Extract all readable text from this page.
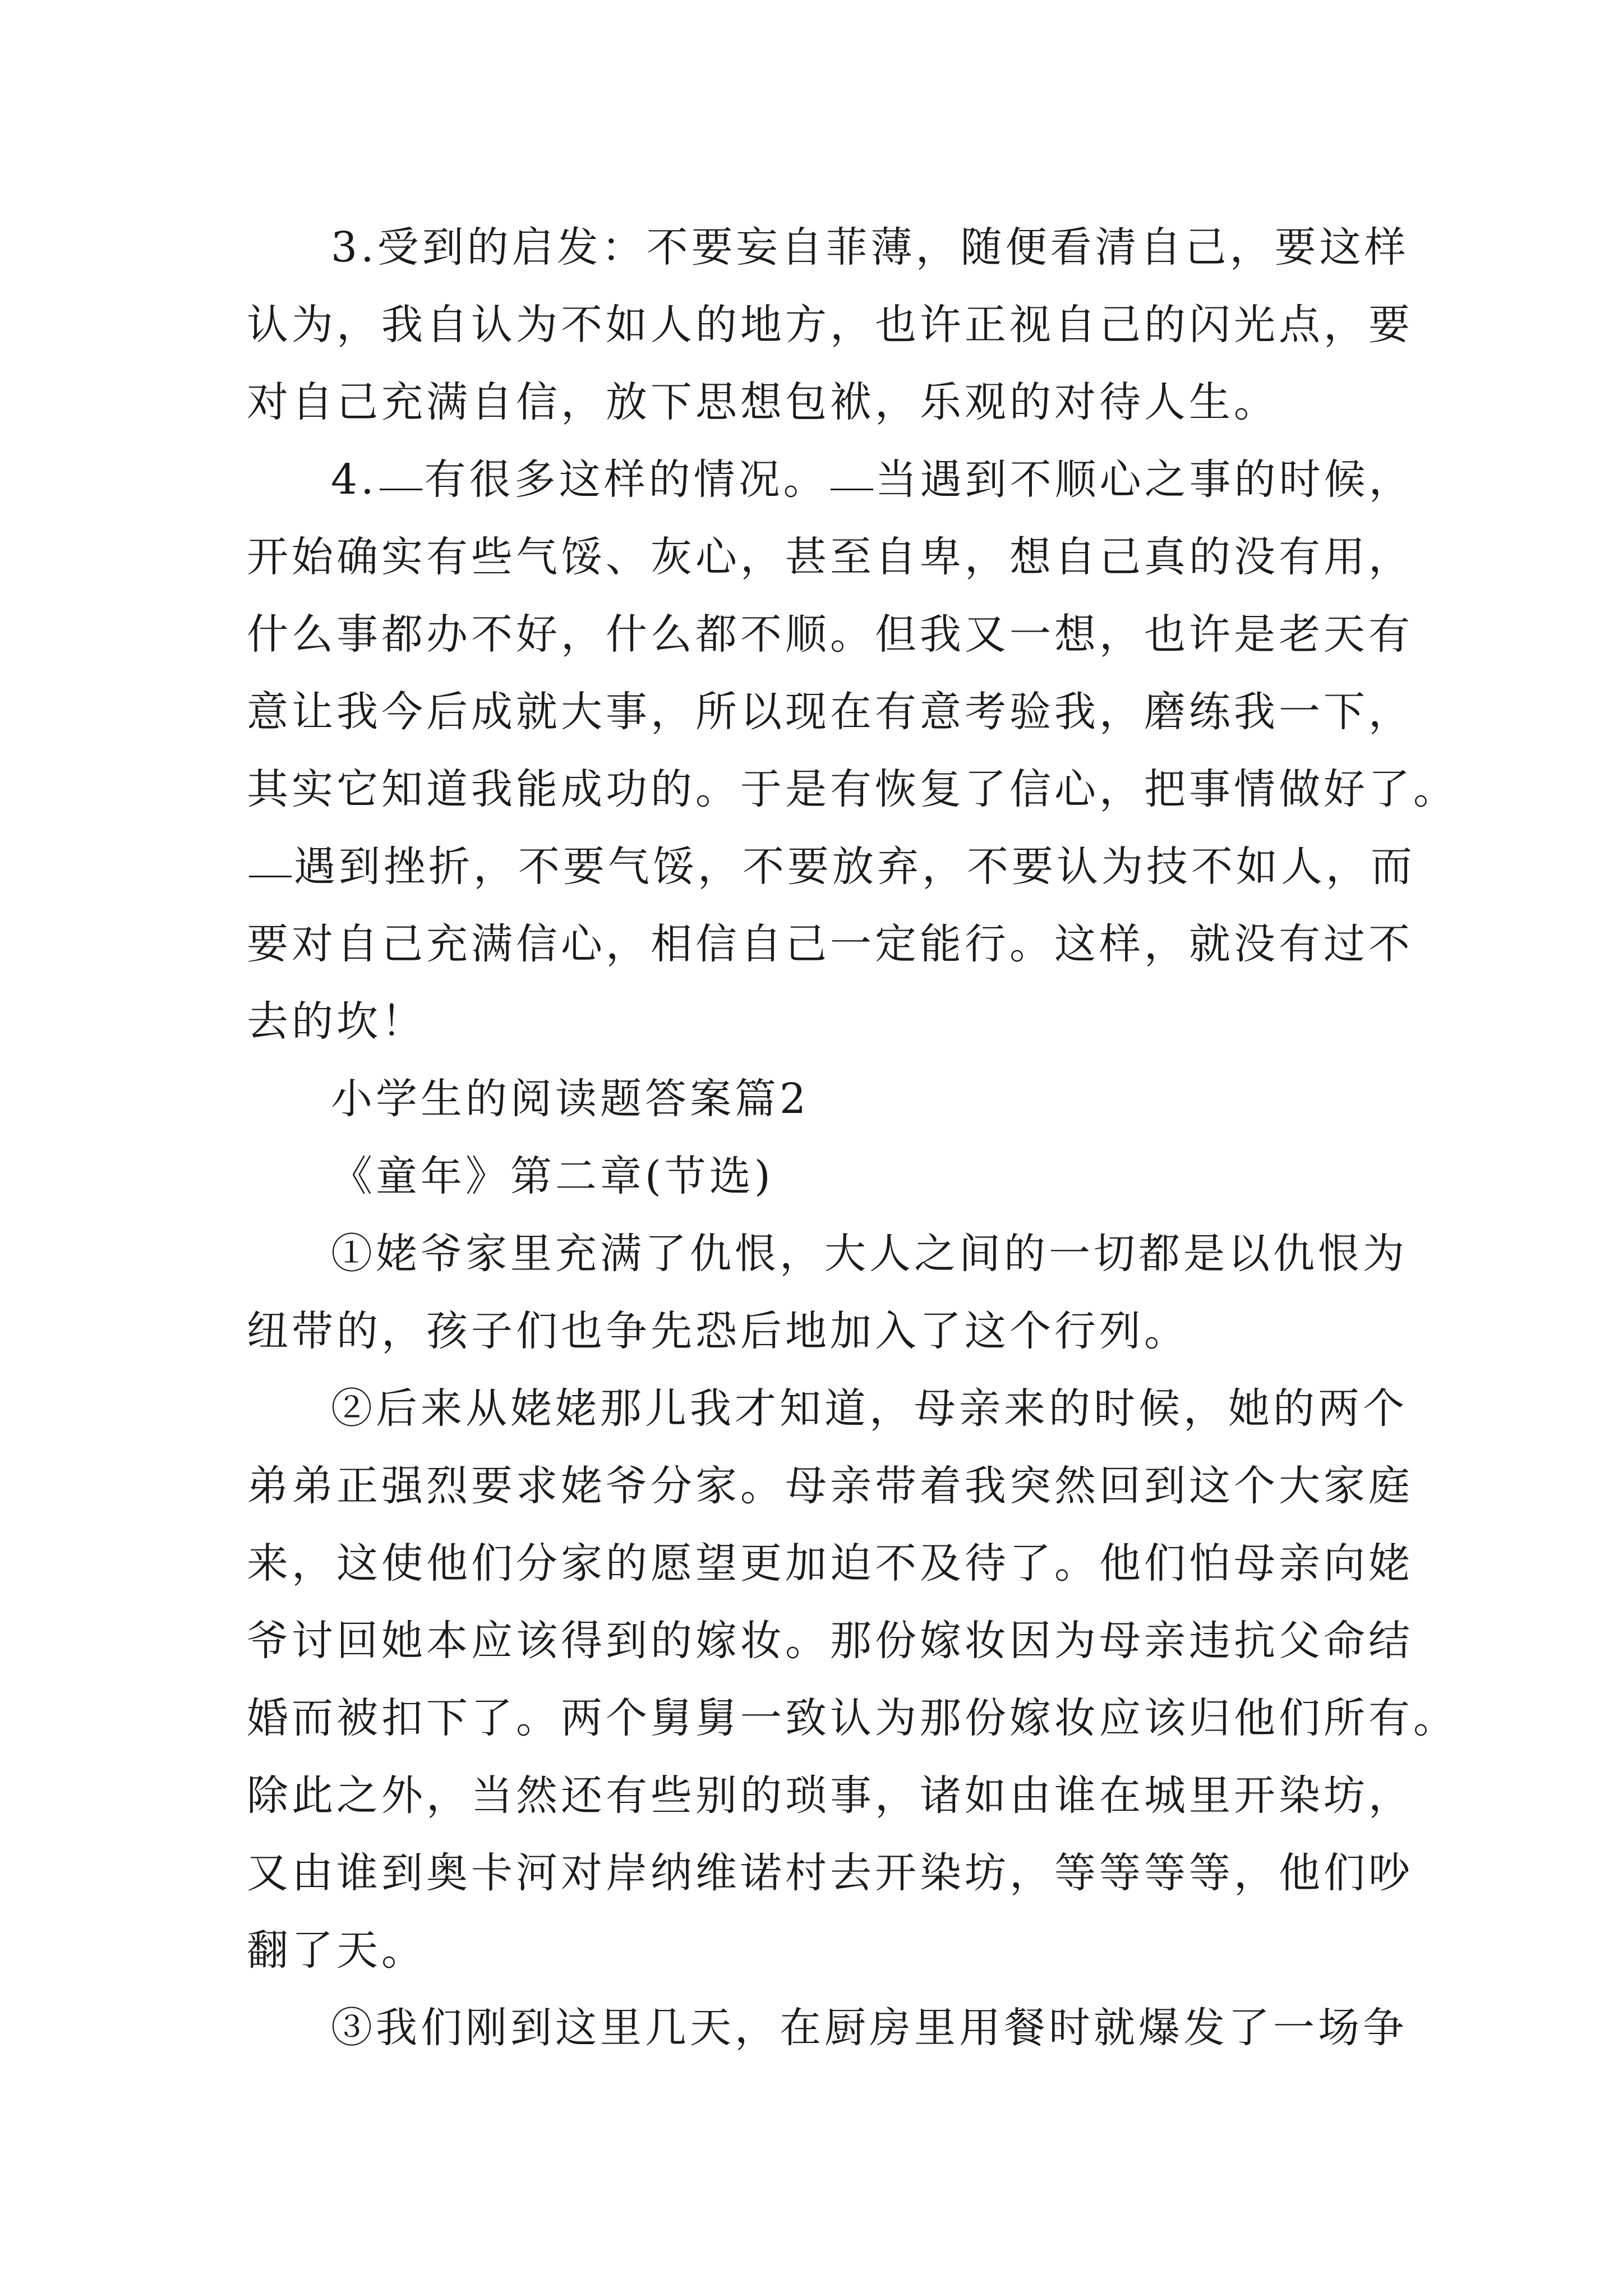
3.受到的启发：不要妄自菲薄，随便看清自己，要这样
认为，我自认为不如人的地方，也许正视自己的闪光点，要
对自己充满自信，放下思想包袱，乐观的对待人生。
4. 有很多这样的情况。 当遇到不顺心之事的时候，
开始确实有些气馁、灰心，甚至自卑，想自己真的没有用，
什么事都办不好，什么都不顺。但我又一想，也许是老天有
意让我今后成就大事，所以现在有意考验我，磨练我一下，
其实它知道我能成功的。于是有恢复了信心，把事情做好了。
遇到挫折，不要气馁，不要放弃，不要认为技不如人，而
要对自己充满信心，相信自己一定能行。这样，就没有过不
去的坎！
小学生的阅读题答案篇2
《童年》第二章(节选)
①姥爷家里充满了仇恨，大人之间的一切都是以仇恨为
纽带的，孩子们也争先恐后地加入了这个行列。
②后来从姥姥那儿我才知道，母亲来的时候，她的两个
弟弟正强烈要求姥爷分家。母亲带着我突然回到这个大家庭
来，这使他们分家的愿望更加迫不及待了。他们怕母亲向姥
爷讨回她本应该得到的嫁妆。那份嫁妆因为母亲违抗父命结
婚而被扣下了。两个舅舅一致认为那份嫁妆应该归他们所有。
除此之外，当然还有些别的琐事，诸如由谁在城里开染坊，
又由谁到奥卡河对岸纳维诺村去开染坊，等等等等，他们吵
翻了天。
③我们刚到这里几天，在厨房里用餐时就爆发了一场争
